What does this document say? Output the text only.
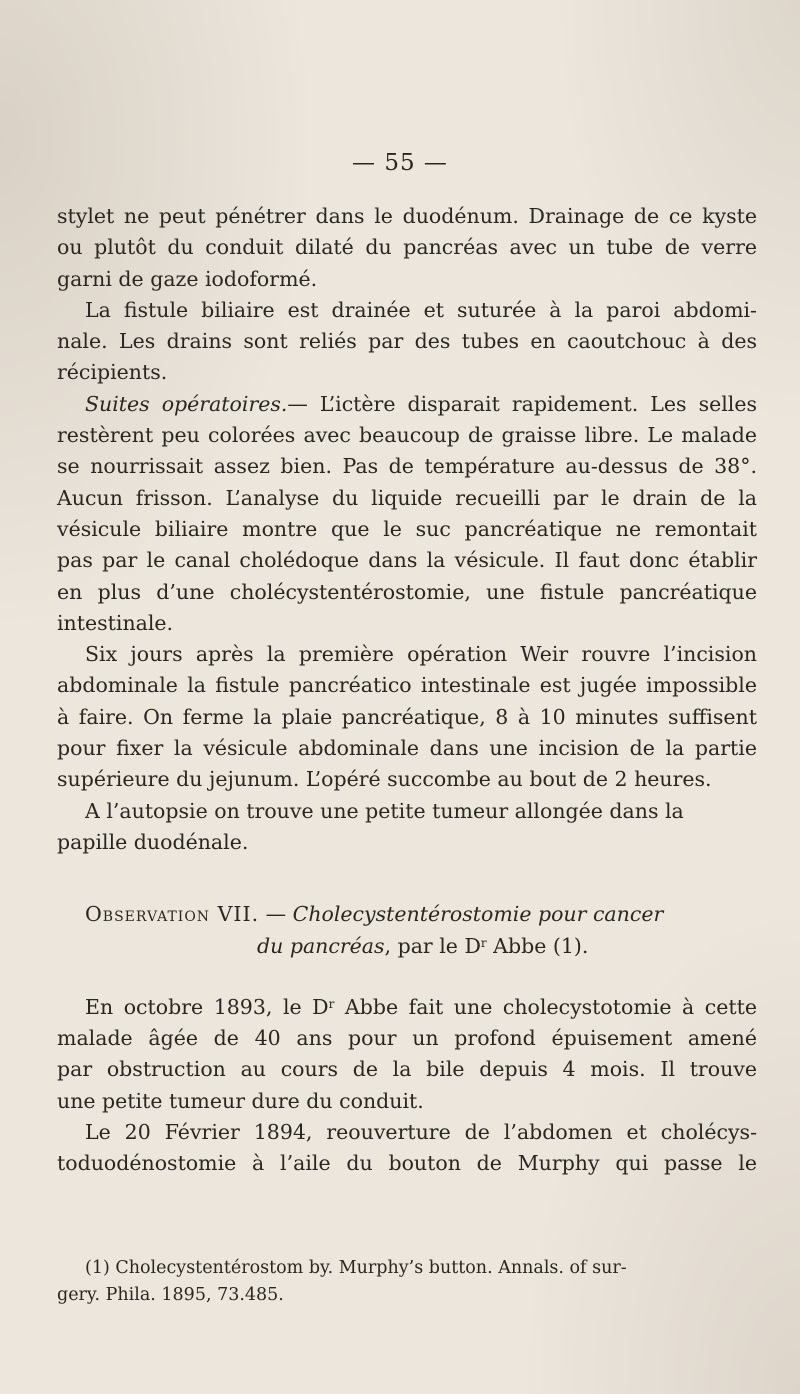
— 55 —

stylet ne peut pénétrer dans le duodénum. Drainage de ce kyste

ou plutôt du conduit dilaté du pancréas avec un tube de verre

garni de gaze iodoformé.

La fistule biliaire est drainée et suturée à la paroi abdomi-

nale. Les drains sont reliés par des tubes en caoutchouc à des

récipients.

Suites opératoires.— L’ictère disparait rapidement. Les selles

restèrent peu colorées avec beaucoup de graisse libre. Le malade

se nourrissait assez bien. Pas de température au-dessus de 38°.

Aucun frisson. L’analyse du liquide recueilli par le drain de la

vésicule biliaire montre que le suc pancréatique ne remontait

pas par le canal cholédoque dans la vésicule. Il faut donc établir

en plus d’une cholécystentérostomie, une fistule pancréatique

intestinale.

Six jours après la première opération Weir rouvre l’incision

abdominale la fistule pancréatico intestinale est jugée impossible

à faire. On ferme la plaie pancréatique, 8 à 10 minutes suffisent

pour fixer la vésicule abdominale dans une incision de la partie

supérieure du jejunum. L’opéré succombe au bout de 2 heures.

A l’autopsie on trouve une petite tumeur allongée dans la

papille duodénale.

Observation VII. — Cholecystentérostomie pour cancer

du pancréas, par le $D^r$ Abbe (1).

En octobre 1893, le $D^r$ Abbe fait une cholecystotomie à cette

malade âgée de 40 ans pour un profond épuisement amené

par obstruction au cours de la bile depuis 4 mois. Il trouve

une petite tumeur dure du conduit.

Le 20 Février 1894, reouverture de l’abdomen et cholécys-

toduodénostomie à l’aile du bouton de Murphy qui passe le

(1) Cholecystentérostom by. Murphy’s button. Annals. of sur-

gery. Phila. 1895, 73.485.
